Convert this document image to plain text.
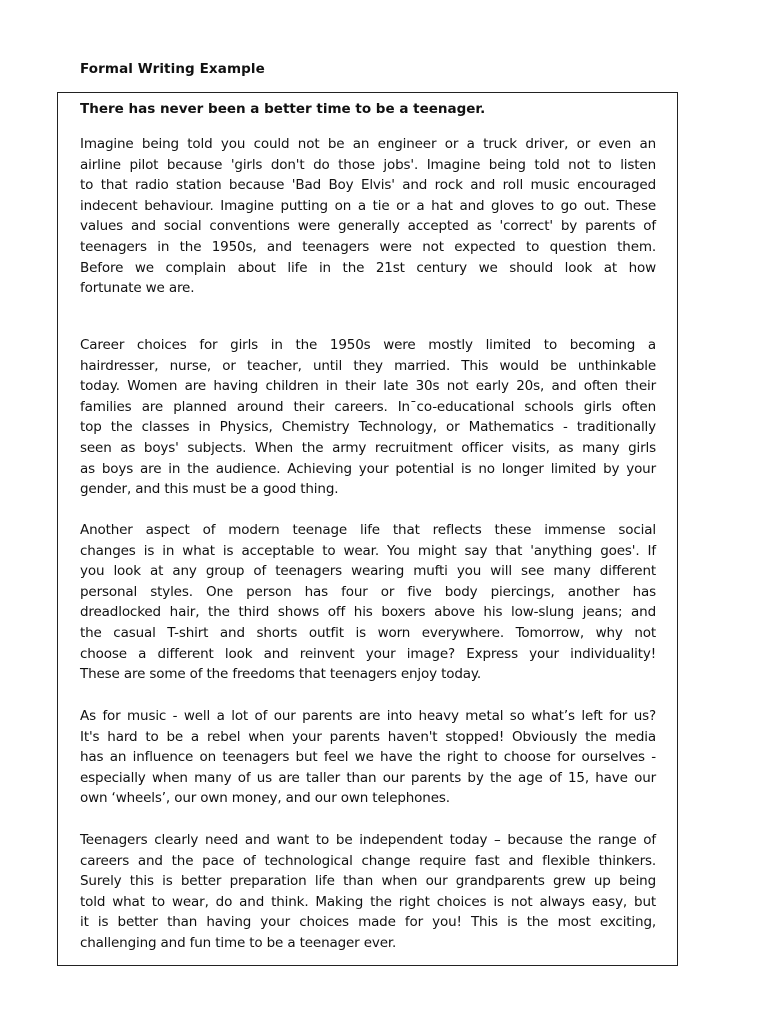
Formal Writing Example
There has never been a better time to be a teenager.
Imagine being told you could not be an engineer or a truck driver, or even an
airline pilot because 'girls don't do those jobs'. Imagine being told not to listen
to that radio station because 'Bad Boy Elvis' and rock and roll music encouraged
indecent behaviour. Imagine putting on a tie or a hat and gloves to go out. These
values and social conventions were generally accepted as 'correct' by parents of
teenagers in the 1950s, and teenagers were not expected to question them.
Before we complain about life in the 21st century we should look at how
fortunate we are.
Career choices for girls in the 1950s were mostly limited to becoming a
hairdresser, nurse, or teacher, until they married. This would be unthinkable
today. Women are having children in their late 30s not early 20s, and often their
families are planned around their careers. In¯co-educational schools girls often
top the classes in Physics, Chemistry Technology, or Mathematics - traditionally
seen as boys' subjects. When the army recruitment officer visits, as many girls
as boys are in the audience. Achieving your potential is no longer limited by your
gender, and this must be a good thing.
Another aspect of modern teenage life that reflects these immense social
changes is in what is acceptable to wear. You might say that 'anything goes'. If
you look at any group of teenagers wearing mufti you will see many different
personal styles. One person has four or five body piercings, another has
dreadlocked hair, the third shows off his boxers above his low-slung jeans; and
the casual T-shirt and shorts outfit is worn everywhere. Tomorrow, why not
choose a different look and reinvent your image? Express your individuality!
These are some of the freedoms that teenagers enjoy today.
As for music - well a lot of our parents are into heavy metal so what’s left for us?
It's hard to be a rebel when your parents haven't stopped! Obviously the media
has an influence on teenagers but feel we have the right to choose for ourselves -
especially when many of us are taller than our parents by the age of 15, have our
own ‘wheels’, our own money, and our own telephones.
Teenagers clearly need and want to be independent today – because the range of
careers and the pace of technological change require fast and flexible thinkers.
Surely this is better preparation life than when our grandparents grew up being
told what to wear, do and think. Making the right choices is not always easy, but
it is better than having your choices made for you! This is the most exciting,
challenging and fun time to be a teenager ever.
